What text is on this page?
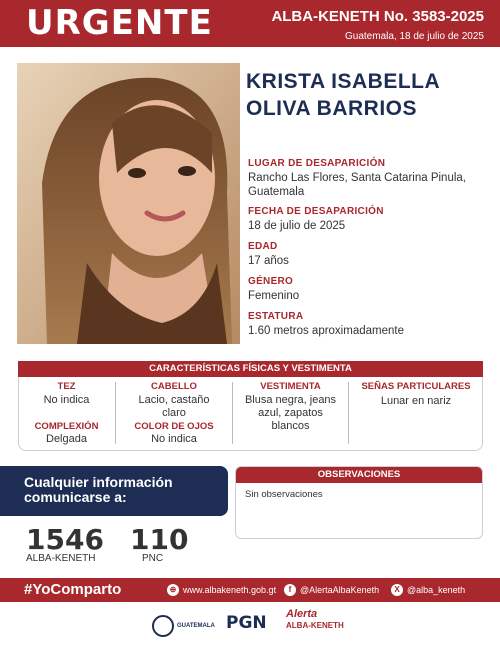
URGENTE	ALBA-KENETH No. 3583-2025
Guatemala, 18 de julio de 2025
KRISTA ISABELLA
OLIVA BARRIOS
LUGAR DE DESAPARICIÓN
Rancho Las Flores, Santa Catarina Pinula, Guatemala
FECHA DE DESAPARICIÓN
18 de julio de 2025
EDAD
17 años
GÉNERO
Femenino
ESTATURA
1.60 metros aproximadamente
CARACTERÍSTICAS FÍSICAS Y VESTIMENTA
TEZ
No indica
COMPLEXIÓN
Delgada
CABELLO
Lacio, castaño
claro
COLOR DE OJOS
No indica
VESTIMENTA
Blusa negra, jeans
azul, zapatos
blancos
SEÑAS PARTICULARES
Lunar en nariz
Cualquier información
comunicarse a:
1546
ALBA-KENETH
110
PNC
OBSERVACIONES
Sin observaciones
#YoComparto	⊕ www.albakeneth.gob.gt	f @AlertaAlbaKeneth	X @alba_keneth
GUATEMALA PGN Alerta
ALBA-KENETH
